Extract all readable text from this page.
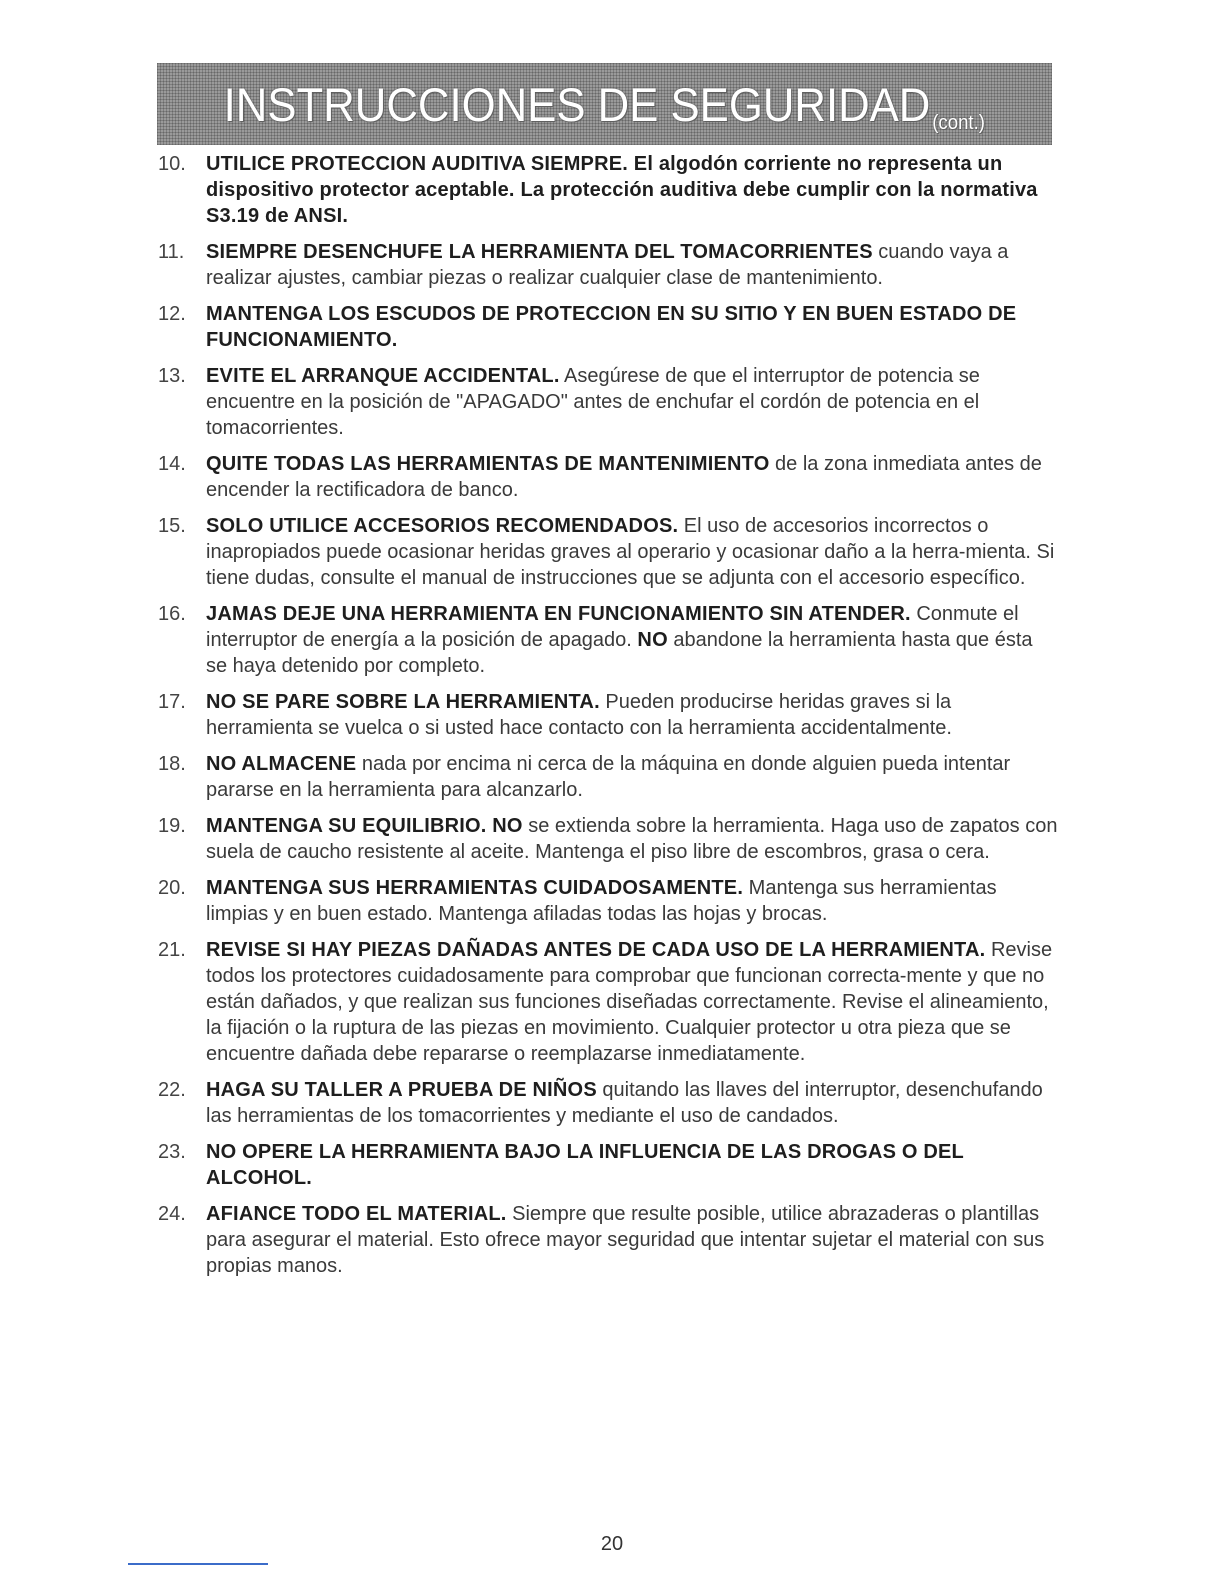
INSTRUCCIONES DE SEGURIDAD(cont.)
10. UTILICE PROTECCION AUDITIVA SIEMPRE. El algodón corriente no representa un dispositivo protector aceptable. La protección auditiva debe cumplir con la normativa S3.19 de ANSI.
11. SIEMPRE DESENCHUFE LA HERRAMIENTA DEL TOMACORRIENTES cuando vaya a realizar ajustes, cambiar piezas o realizar cualquier clase de mantenimiento.
12. MANTENGA LOS ESCUDOS DE PROTECCION EN SU SITIO Y EN BUEN ESTADO DE FUNCIONAMIENTO.
13. EVITE EL ARRANQUE ACCIDENTAL. Asegúrese de que el interruptor de potencia se encuentre en la posición de "APAGADO" antes de enchufar el cordón de potencia en el tomacorrientes.
14. QUITE TODAS LAS HERRAMIENTAS DE MANTENIMIENTO de la zona inmediata antes de encender la rectificadora de banco.
15. SOLO UTILICE ACCESORIOS RECOMENDADOS. El uso de accesorios incorrectos o inapropiados puede ocasionar heridas graves al operario y ocasionar daño a la herra-mienta. Si tiene dudas, consulte el manual de instrucciones que se adjunta con el accesorio específico.
16. JAMAS DEJE UNA HERRAMIENTA EN FUNCIONAMIENTO SIN ATENDER. Conmute el interruptor de energía a la posición de apagado. NO abandone la herramienta hasta que ésta se haya detenido por completo.
17. NO SE PARE SOBRE LA HERRAMIENTA. Pueden producirse heridas graves si la herramienta se vuelca o si usted hace contacto con la herramienta accidentalmente.
18. NO ALMACENE nada por encima ni cerca de la máquina en donde alguien pueda intentar pararse en la herramienta para alcanzarlo.
19. MANTENGA SU EQUILIBRIO. NO se extienda sobre la herramienta. Haga uso de zapatos con suela de caucho resistente al aceite. Mantenga el piso libre de escombros, grasa o cera.
20. MANTENGA SUS HERRAMIENTAS CUIDADOSAMENTE. Mantenga sus herramientas limpias y en buen estado. Mantenga afiladas todas las hojas y brocas.
21. REVISE SI HAY PIEZAS DAÑADAS ANTES DE CADA USO DE LA HERRAMIENTA. Revise todos los protectores cuidadosamente para comprobar que funcionan correcta-mente y que no están dañados, y que realizan sus funciones diseñadas correctamente. Revise el alineamiento, la fijación o la ruptura de las piezas en movimiento. Cualquier protector u otra pieza que se encuentre dañada debe repararse o reemplazarse inmediatamente.
22. HAGA SU TALLER A PRUEBA DE NIÑOS quitando las llaves del interruptor, desenchufando las herramientas de los tomacorrientes y mediante el uso de candados.
23. NO OPERE LA HERRAMIENTA BAJO LA INFLUENCIA DE LAS DROGAS O DEL ALCOHOL.
24. AFIANCE TODO EL MATERIAL. Siempre que resulte posible, utilice abrazaderas o plantillas para asegurar el material. Esto ofrece mayor seguridad que intentar sujetar el material con sus propias manos.
20
